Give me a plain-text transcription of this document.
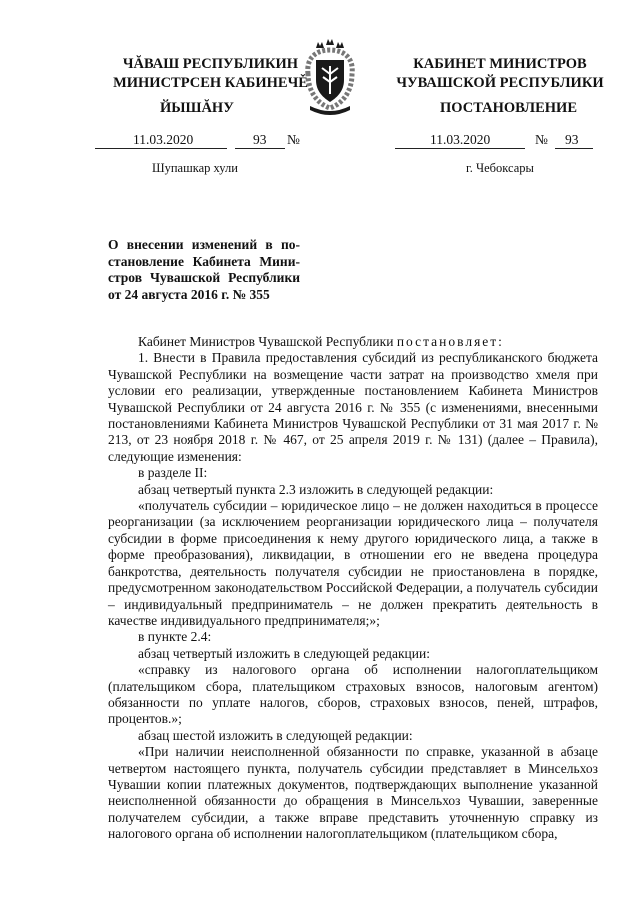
ЧĂВАШ РЕСПУБЛИКИН
МИНИСТРСЕН КАБИНЕЧĚ
КАБИНЕТ МИНИСТРОВ
ЧУВАШСКОЙ РЕСПУБЛИКИ
ЙЫШĂНУ	ПОСТАНОВЛЕНИЕ
11.03.2020	93 №	11.03.2020	№ 93
Шупашкар хули	г. Чебоксары
О внесении изменений в по-
становление Кабинета Мини-
стров Чувашской Республики
от 24 августа 2016 г. № 355

Кабинет Министров Чувашской Республики постановляет:

1. Внести в Правила предоставления субсидий из республиканского бюджета Чувашской Республики на возмещение части затрат на производство хмеля при условии его реализации, утвержденные постановлением Кабинета Министров Чувашской Республики от 24 августа 2016 г. № 355 (с изменениями, внесенными постановлениями Кабинета Министров Чувашской Республики от 31 мая 2017 г. № 213, от 23 ноября 2018 г. № 467, от 25 апреля 2019 г. № 131) (далее – Правила), следующие изменения:

в разделе II:

абзац четвертый пункта 2.3 изложить в следующей редакции:

«получатель субсидии – юридическое лицо – не должен находиться в процессе реорганизации (за исключением реорганизации юридического лица – получателя субсидии в форме присоединения к нему другого юридического лица, а также в форме преобразования), ликвидации, в отношении его не введена процедура банкротства, деятельность получателя субсидии не приостановлена в порядке, предусмотренном законодательством Российской Федерации, а получатель субсидии – индивидуальный предприниматель – не должен прекратить деятельность в качестве индивидуального предпринимателя;»;

в пункте 2.4:

абзац четвертый изложить в следующей редакции:

«справку из налогового органа об исполнении налогоплательщиком (плательщиком сбора, плательщиком страховых взносов, налоговым агентом) обязанности по уплате налогов, сборов, страховых взносов, пеней, штрафов, процентов.»;

абзац шестой изложить в следующей редакции:

«При наличии неисполненной обязанности по справке, указанной в абзаце четвертом настоящего пункта, получатель субсидии представляет в Минсельхоз Чувашии копии платежных документов, подтверждающих выполнение указанной неисполненной обязанности до обращения в Минсельхоз Чувашии, заверенные получателем субсидии, а также вправе представить уточненную справку из налогового органа об исполнении налогоплательщиком (плательщиком сбора,
